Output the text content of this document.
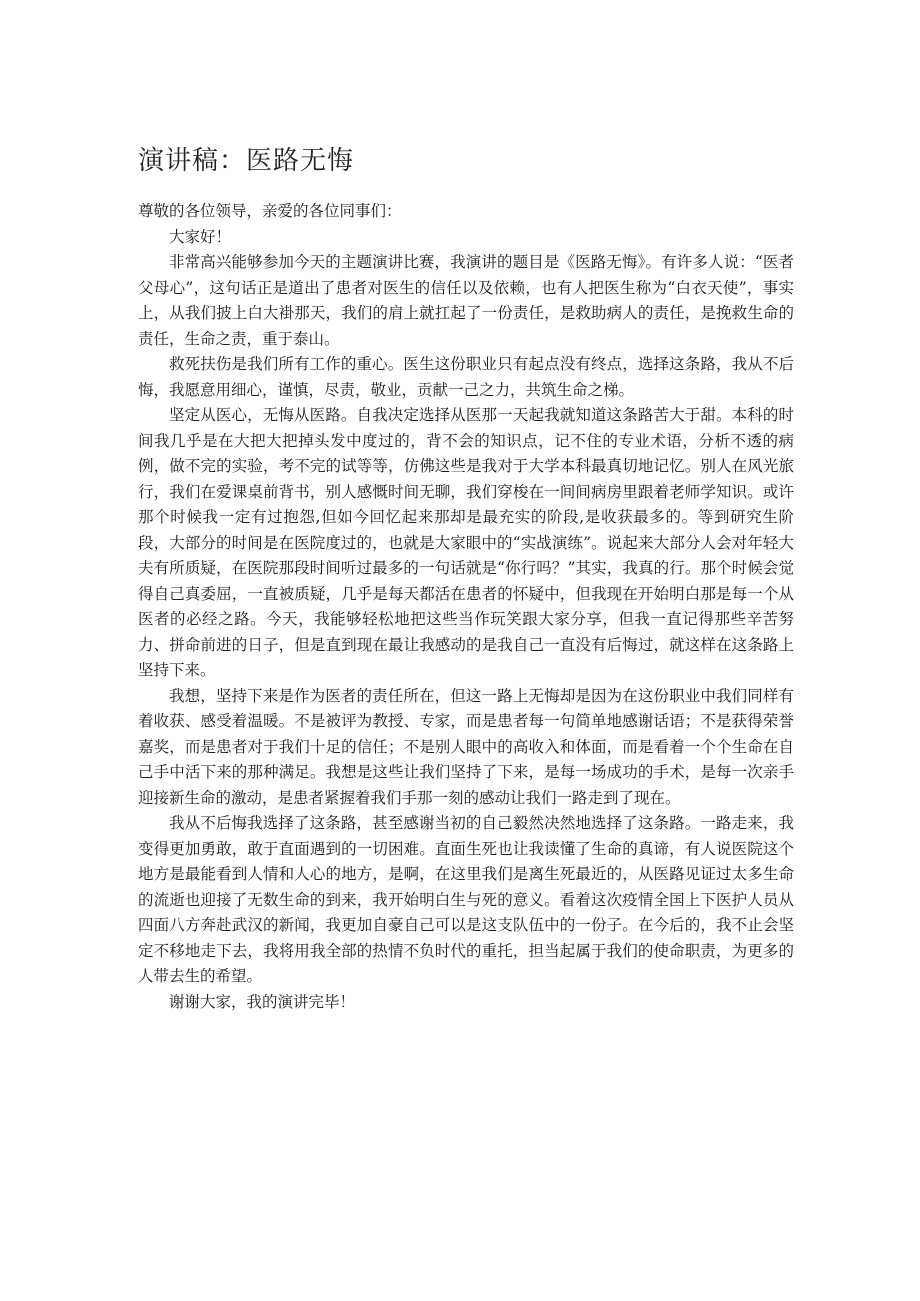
演讲稿：医路无悔

尊敬的各位领导，亲爱的各位同事们：

大家好！

非常高兴能够参加今天的主题演讲比赛，我演讲的题目是《医路无悔》。有许多人说：“医者父母心”，这句话正是道出了患者对医生的信任以及依赖，也有人把医生称为“白衣天使”，事实上，从我们披上白大褂那天，我们的肩上就扛起了一份责任，是救助病人的责任，是挽救生命的责任，生命之责，重于泰山。

救死扶伤是我们所有工作的重心。医生这份职业只有起点没有终点，选择这条路，我从不后悔，我愿意用细心，谨慎，尽责，敬业，贡献一己之力，共筑生命之梯。

坚定从医心，无悔从医路。自我决定选择从医那一天起我就知道这条路苦大于甜。本科的时间我几乎是在大把大把掉头发中度过的，背不会的知识点，记不住的专业术语，分析不透的病例，做不完的实验，考不完的试等等，仿佛这些是我对于大学本科最真切地记忆。别人在风光旅行，我们在爱课桌前背书，别人感慨时间无聊，我们穿梭在一间间病房里跟着老师学知识。或许那个时候我一定有过抱怨,但如今回忆起来那却是最充实的阶段,是收获最多的。等到研究生阶段，大部分的时间是在医院度过的，也就是大家眼中的“实战演练”。说起来大部分人会对年轻大夫有所质疑，在医院那段时间听过最多的一句话就是“你行吗？”其实，我真的行。那个时候会觉得自己真委屈，一直被质疑，几乎是每天都活在患者的怀疑中，但我现在开始明白那是每一个从医者的必经之路。今天，我能够轻松地把这些当作玩笑跟大家分享，但我一直记得那些辛苦努力、拼命前进的日子，但是直到现在最让我感动的是我自己一直没有后悔过，就这样在这条路上坚持下来。

我想，坚持下来是作为医者的责任所在，但这一路上无悔却是因为在这份职业中我们同样有着收获、感受着温暖。不是被评为教授、专家，而是患者每一句简单地感谢话语；不是获得荣誉嘉奖，而是患者对于我们十足的信任；不是别人眼中的高收入和体面，而是看着一个个生命在自己手中活下来的那种满足。我想是这些让我们坚持了下来，是每一场成功的手术，是每一次亲手迎接新生命的激动，是患者紧握着我们手那一刻的感动让我们一路走到了现在。

我从不后悔我选择了这条路，甚至感谢当初的自己毅然决然地选择了这条路。一路走来，我变得更加勇敢，敢于直面遇到的一切困难。直面生死也让我读懂了生命的真谛，有人说医院这个地方是最能看到人情和人心的地方，是啊，在这里我们是离生死最近的，从医路见证过太多生命的流逝也迎接了无数生命的到来，我开始明白生与死的意义。看着这次疫情全国上下医护人员从四面八方奔赴武汉的新闻，我更加自豪自己可以是这支队伍中的一份子。在今后的，我不止会坚定不移地走下去，我将用我全部的热情不负时代的重托，担当起属于我们的使命职责，为更多的人带去生的希望。

谢谢大家，我的演讲完毕！
